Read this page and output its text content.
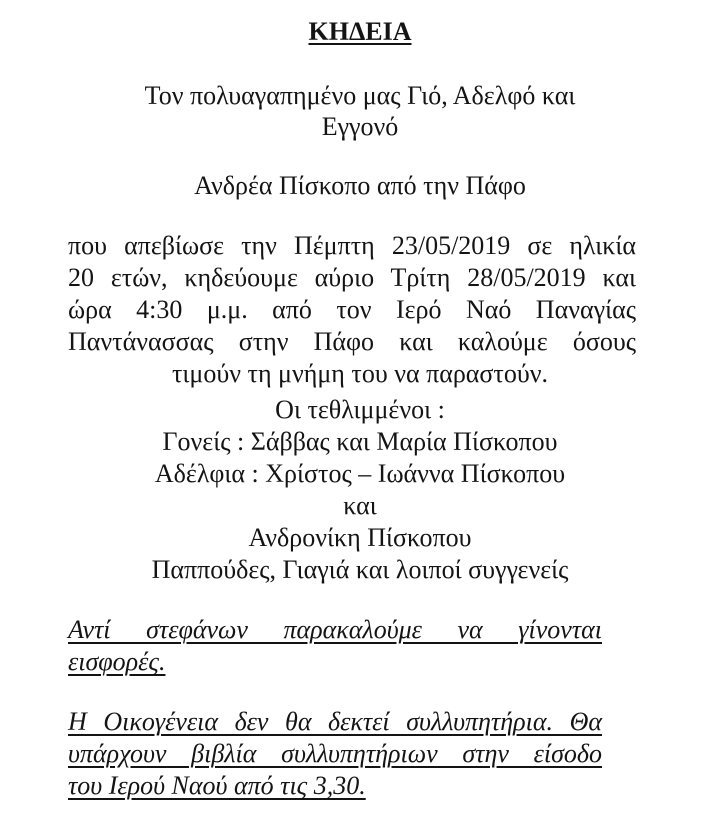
ΚΗΔΕΙΑ
Τον πολυαγαπημένο μας Γιό, Αδελφό και
Εγγονό
Ανδρέα Πίσκοπο από την Πάφο
που απεβίωσε την Πέμπτη 23/05/2019 σε ηλικία
20 ετών, κηδεύουμε αύριο Τρίτη 28/05/2019 και
ώρα 4:30 μ.μ. από τον Ιερό Ναό Παναγίας
Παντάνασσας στην Πάφο και καλούμε όσους
τιμούν τη μνήμη του να παραστούν.
Οι τεθλιμμένοι :
Γονείς : Σάββας και Μαρία Πίσκοπου
Αδέλφια : Χρίστος – Ιωάννα Πίσκοπου
και
Ανδρονίκη Πίσκοπου
Παππούδες, Γιαγιά και λοιποί συγγενείς
Αντί στεφάνων παρακαλούμε να γίνονται
εισφορές.
Η Οικογένεια δεν θα δεκτεί συλλυπητήρια. Θα
υπάρχουν βιβλία συλλυπητήριων στην είσοδο
του Ιερού Ναού από τις 3,30.
